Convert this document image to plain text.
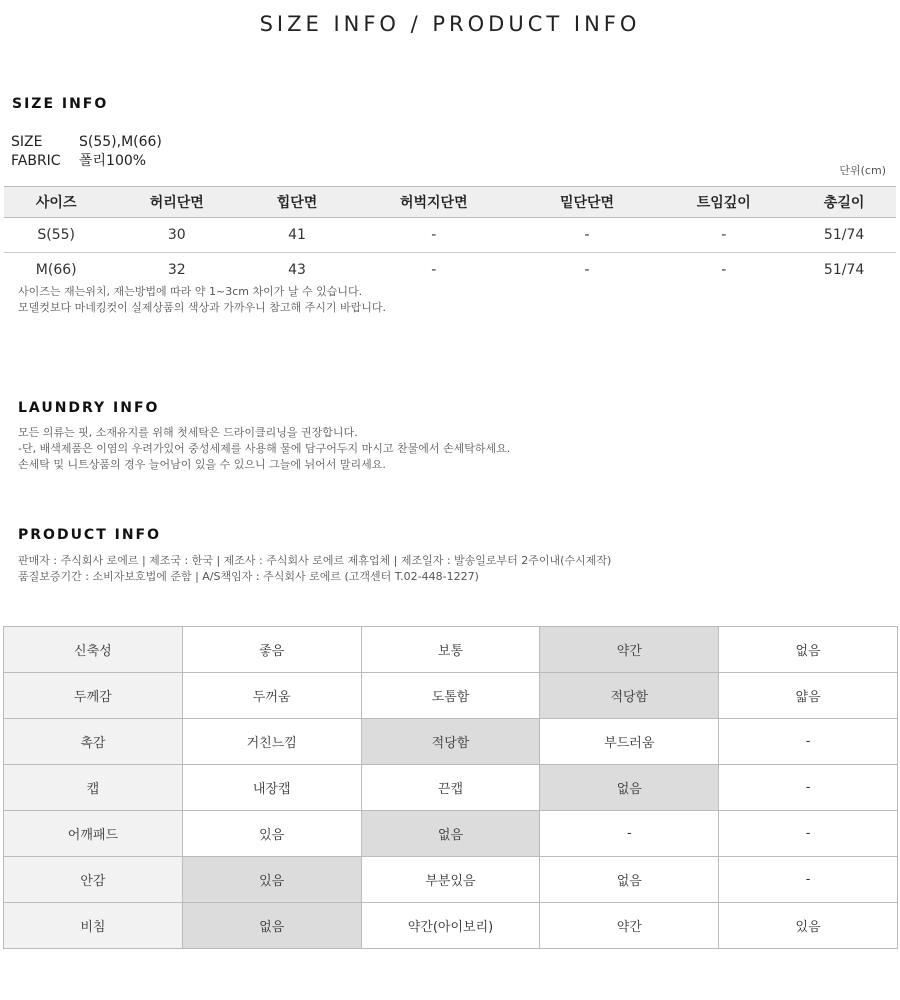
SIZE INFO / PRODUCT INFO
SIZE INFO
SIZE	S(55),M(66)
FABRIC 폴리100%
단위(cm)
사이즈	허리단면	힙단면	허벅지단면	밑단단면	트임깊이	총길이
S(55)	30	41	-	-	-	51/74
M(66)	32	43	-	-	-	51/74
사이즈는 재는위치, 재는방법에 따라 약 1~3cm 차이가 날 수 있습니다.
모델컷보다 마네킹컷이 실제상품의 색상과 가까우니 참고해 주시기 바랍니다.
LAUNDRY INFO
모든 의류는 핏, 소재유지를 위해 첫세탁은 드라이클리닝을 권장합니다.
-단, 배색제품은 이염의 우려가있어 중성세제를 사용해 물에 담구어두지 마시고 찬물에서 손세탁하세요.
손세탁 및 니트상품의 경우 늘어남이 있을 수 있으니 그늘에 뉘어서 말리세요.
PRODUCT INFO
판매자 : 주식회사 로에르 | 제조국 : 한국 | 제조사 : 주식회사 로에르 제휴업체 | 제조일자 : 발송일로부터 2주이내(수시제작)
품질보증기간 : 소비자보호법에 준함 | A/S책임자 : 주식회사 로에르 (고객센터 T.02-448-1227)
신축성	좋음	보통	약간	없음
두께감	두꺼움	도톰함	적당함	얇음
촉감	거친느낌	적당함	부드러움	-
캡	내장캡	끈캡	없음	-
어깨패드	있음	없음	-	-
안감	있음	부분있음	없음	-
비침	없음	약간(아이보리)	약간	있음
